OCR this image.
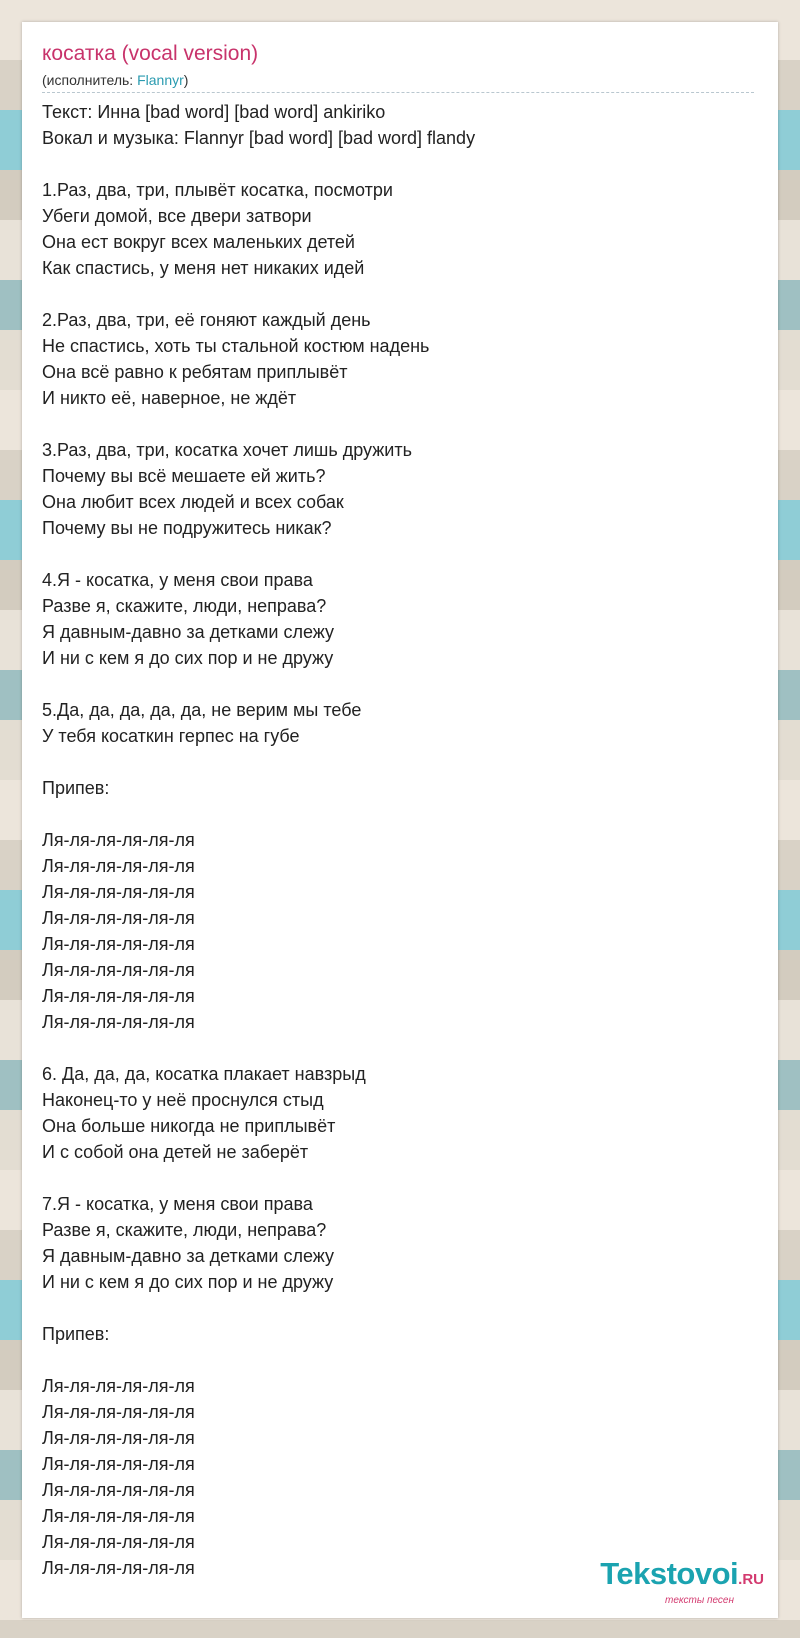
косатка (vocal version)
(исполнитель: Flannyr)
Текст: Инна [bad word] [bad word] ankiriko
Вокал и музыка: Flannyr [bad word] [bad word] flandy
1.Раз, два, три, плывёт косатка, посмотри
Убеги домой, все двери затвори
Она ест вокруг всех маленьких детей
Как спастись, у меня нет никаких идей
2.Раз, два, три, её гоняют каждый день
Не спастись, хоть ты стальной костюм надень
Она всё равно к ребятам приплывёт
И никто её, наверное, не ждёт
3.Раз, два, три, косатка хочет лишь дружить
Почему вы всё мешаете ей жить?
Она любит всех людей и всех собак
Почему вы не подружитесь никак?
4.Я - косатка, у меня свои права
Разве я, скажите, люди, неправа?
Я давным-давно за детками слежу
И ни с кем я до сих пор и не дружу
5.Да, да, да, да, да, не верим мы тебе
У тебя косаткин герпес на губе
Припев:
Ля-ля-ля-ля-ля-ля
Ля-ля-ля-ля-ля-ля
Ля-ля-ля-ля-ля-ля
Ля-ля-ля-ля-ля-ля
Ля-ля-ля-ля-ля-ля
Ля-ля-ля-ля-ля-ля
Ля-ля-ля-ля-ля-ля
Ля-ля-ля-ля-ля-ля
6. Да, да, да, косатка плакает навзрыд
Наконец-то у неё проснулся стыд
Она больше никогда не приплывёт
И с собой она детей не заберёт
7.Я - косатка, у меня свои права
Разве я, скажите, люди, неправа?
Я давным-давно за детками слежу
И ни с кем я до сих пор и не дружу
Припев:
Ля-ля-ля-ля-ля-ля
Ля-ля-ля-ля-ля-ля
Ля-ля-ля-ля-ля-ля
Ля-ля-ля-ля-ля-ля
Ля-ля-ля-ля-ля-ля
Ля-ля-ля-ля-ля-ля
Ля-ля-ля-ля-ля-ля
Ля-ля-ля-ля-ля-ля	Tekstovoi.RU
тексты песен
